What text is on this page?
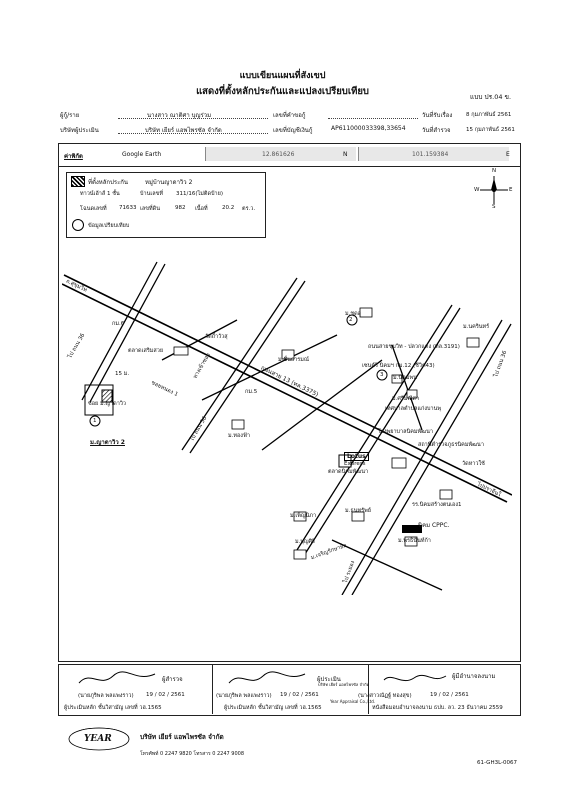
แบบเขียนแผนที่สังเขป
แสดงที่ตั้งหลักประกันและแปลงเปรียบเทียบ	แบบ ปร.04 ข.
ผู้กู้/ราย	นางสาว ณาติศา บุญร่วม	เลขที่คำขอกู้	วันที่รับเรื่อง 8 กุมภาพันธ์ 2561
บริษัทผู้ประเมิน	บริษัท เยียร์ แอพไพรซัล จำกัด	เลขที่บัญชีเงินกู้	AP611000033398,33654	วันที่สำรวจ	15 กุมภาพันธ์ 2561
ค่าพิกัด	Google Earth	12.861626	N	101.159384	E
ที่ตั้งหลักประกัน	หมู่บ้านญาดาวิว 2
ทาวน์เฮ้าส์ 1 ชั้น	บ้านเลขที่ 311/16(ไม่ติดป้าย)
โฉนดเลขที่ 71633 เลขที่ดิน	982 เนื้อที่	20.2 ตร.ว.
ข้อมูลเปรียบเทียบ
N
S
E
W
ถ.สุขุมวิท
กม.6
ไป ถนน 36	ตลาดเสริมสวย
วัดถ้ำวัวสุ
ทางเข้าซอย
ไป ถนน 36
กม.5
ซอย ม.ญาดาวิว
ม.ญาดาวิว 2
ม.ทองฟ้า
ม.ชื่นธารมณ์
ถนนสาย 13 (ทล.3375)
ม.ชุดอุ
ม.นครินทร์
ถนนสายชุมวิท - ปลวกแดง (ทล.3191)
ไป ถนน 36
เซนต์ริ นิคมฯ กม.12 (ชีวิต43)
ม.นิคมพน
ม.ศรีมณีสา
เทศบาลตำบลแก่งบานพุ
โรงพยาบาลนิคมพัฒนา
Lotus
Express
ตลาดนิคมพัฒนา
สถานีตำรวจภูธรนิคมพัฒนา
วัดหาวใช้
รร.นิคมสร้างตนเอง1
นิคม CPPC.
ไป ระยอง
ไปปราจีนใ
ม.เพ็ญนิภา
ม.ธนทรัพย์
ม.เจริญรักษาย้อ
ม.บุญศิริ	ม.พรธินันท์ก้า
1
2
3
15 ม.
ซอยหนอง 1
ผู้สำรวจ
(นายภูริพล พลแพงราว) 19 / 02 / 2561
ผู้ประเมินหลัก ชั้นวิสามัญ เลขที่ วฮ.1565
ผู้ประเมิน
(นายภูริพล พลแพงราว) 19 / 02 / 2561
ผู้ประเมินหลัก ชั้นวิสามัญ เลขที่ วฮ.1565
ผู้มีอำนาจลงนาม
(นางสาวณัฏฐ์ ทองสุข)	19 / 02 / 2561
หนังสือมอบอำนาจลงนาม ธปบ. ลว. 23 ธันวาคม 2559
บริษัท เยียร์ แอพไพรซัล จำกัด
Year Appraisal Co.,Ltd.
YEAR	บริษัท เยียร์ แอพไพรซัล จำกัด
โทรศัพท์ 0 2247 9820 โทรสาร 0 2247 9008
61-GH3L-0067
